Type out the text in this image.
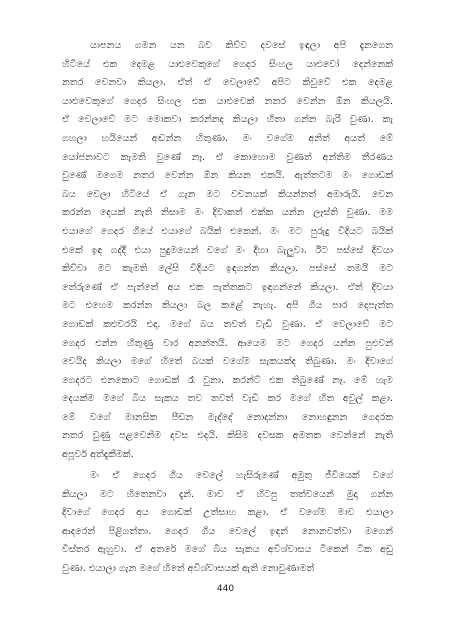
යාපනය ගමන යන බව කිව්ව දවසේ ඉඳලා අපි දැනගෙන
හිටියේ එක දෙමළ යාළුවෙකුගේ ගෙදර සිංහල යාළුවෝ දෙන්නෙක්
නතර වෙනවා කියලා. ඒත් ඒ වෙලාවේ අපිට කිවුවේ එක දෙමළ
යාළුවෙකුගේ ගෙදර සිංහල එක යාළුවෙක් නතර වෙන්න ඕන කියලයි.
ඒ වෙලාවේ මට මොකවා කරන්නද කියලා හිතා ගන්න බැරි වුණා. කැ
ගහලා හයියෙන් අඬන්න හිතුණා. මං වගේම අනිත් අයත් මේ
යෝජනාවට කැමති වුණේ නෑ. ඒ කොහොම වුණත් අන්තිම තීරණය
වුණේ මගෙම නතර වෙන්න ඕන කියන එකයි. ඇත්තටම මං ගොඩක්
බය වෙලා හිටියේ ඒ ගැන මට වචනයක් කියන්නත් අමාරුයි. වෙන
කරන්න දෙයක් නැති නිසාම මං දිවාකත් එක්ක යන්න ලෑස්ති වුණා. මම
එයාගේ ගෙදර ගියේ එයාගේ බයික් එකෙන්. මං මට පුරුදු විදියට බයික්
එකේ ඉඳ ගද්දී එයා පුදුමයෙන් වගේ මං දිහා බැලුවා. ඊට පස්සේ දිවයා
කිව්වා මට කැමති ලේසි විදියට ඉඳගන්න කියලා. පස්සේ තමයි මට
තේරුණේ ඒ පැත්තේ අය එක පැත්තකට ඉඳගන්නේ කියලා. ඒත් දිවයා
මට එහෙම කරන්න කියලා බල කළේ නැහැ. අපි ගිය පාර දෙපැත්ත
ගොඩක් කළුවරයි එදා. මගේ බය තවත් වැඩි වුණා. ඒ වෙලාවේ මට
ගෙදර එන්න හිතුණු වාර අනන්තයි. ආයෙම මට ගෙදර යන්න පුළුවන්
වෙයිද කියලා මගේ හිතේ බයක් වගේම සැකයක්ද තිබුණා. මං දිවාගේ
ගෙදරට එනකොට ගොඩක් රෑ වුනා. කරන්ට් එක තිබුණේ නෑ. මේ හැම
දෙයක්ම මගේ බිය සැකය තව තවත් වැඩි කර මගේ හිත අවුල් කළා.
මේ වගේ මානසික පීඩන මැද්දේ නොදන්නා නොහඳුනන ගෙදරක
නතර වුණු පළවෙනිම දවස එදයි. කිසිම දවසක අමතක වෙන්නේ නැති
අපූර්ව අත්දැකීමක්.
මං ඒ ගෙදර ගිය වෙලේ හැසිරුණේ අමුතු ජීවියෙක් වගේ
කියලා මට හිතෙනවා දැන්. මාව ඒ හිටපු තත්වයෙන් මුදා ගන්න
දිවාගේ ගෙදර අය ගොඩක් උත්සාහ කළා. ඒ වගේම මාව එයාලා
ආදරෙන් පිළිගත්තා. ගෙදර ගිය වෙලේ ඉඳන් නොනවත්වා මගෙන්
විස්තර ඇහුවා. ඒ අතරේ මගේ බිය සැකය අවිශ්වාසය ටිකෙන් ටික අඩු
වුණා. එයාලා ගැන මගේ හිතේ අවිශ්වාසයක් ඇති නොවුණාමත්
440
